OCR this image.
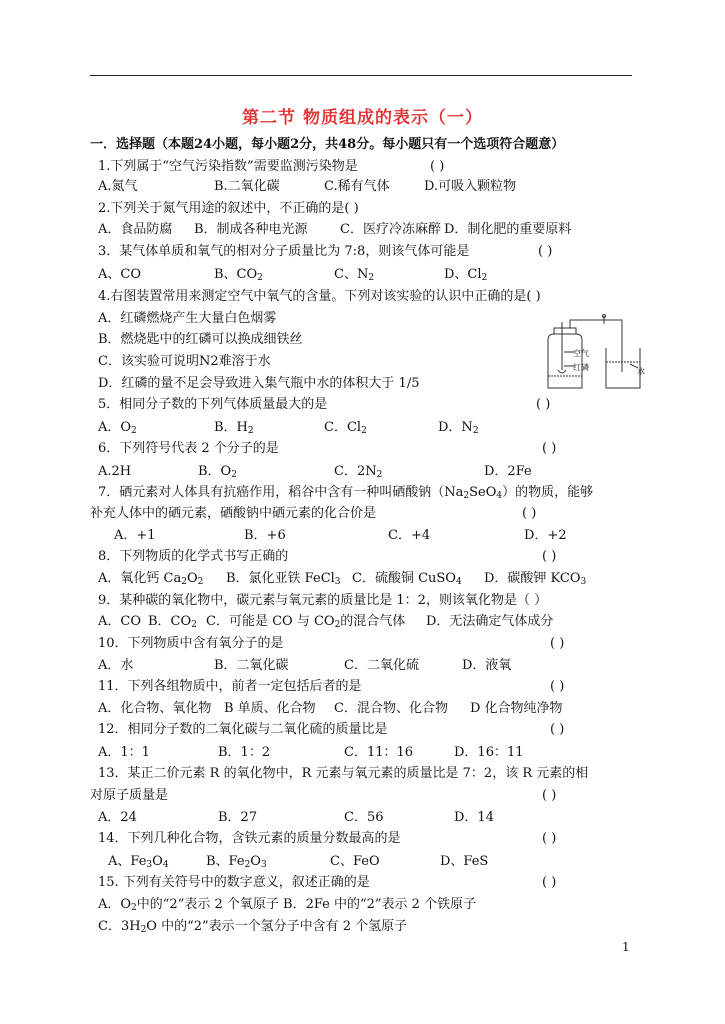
第二节 物质组成的表示（一）
一．选择题（本题24小题，每小题2分，共48分。每小题只有一个选项符合题意）
1.下列属于“空气污染指数”需要监测污染物是	( )
A.氮气	B.二氧化碳	C.稀有气体	D.可吸入颗粒物
2.下列关于氮气用途的叙述中，不正确的是( )
A．食品防腐 B．制成各种电光源 C．医疗冷冻麻醉 D．制化肥的重要原料
3．某气体单质和氧气的相对分子质量比为 7:8，则该气体可能是	( )
A、CO	B、$CO_2$	C、$N_2$	D、$Cl_2$
4.右图装置常用来测定空气中氧气的含量。下列对该实验的认识中正确的是( )
A．红磷燃烧产生大量白色烟雾
B．燃烧匙中的红磷可以换成细铁丝
C．该实验可说明N2难溶于水
D．红磷的量不足会导致进入集气瓶中水的体积大于 1/5
空气
红磷	水
5．相同分子数的下列气体质量最大的是	( )
A．$O_2$	B．$H_2$	C．$Cl_2$	D．$N_2$
6．下列符号代表 2 个分子的是	( )
A.2H	B．$O_2$	C．$2N_2$	D．2Fe
7．硒元素对人体具有抗癌作用，稻谷中含有一种叫硒酸钠$(Na_2SeO_4)$的物质，能够
补充人体中的硒元素，硒酸钠中硒元素的化合价是	( )
A．+1	B．+6	C．+4	D．+2
8．下列物质的化学式书写正确的	( )
A．氧化钙 $Ca_2O_2$ B．氯化亚铁 FeCl$_3$ C．硫酸铜 CuSO$_4$ D．碳酸钾 $KCO_3$
9．某种碳的氧化物中，碳元素与氧元素的质量比是 1：2，则该氧化物是（ ）
A．CO B．$CO_2$ C．可能是 CO 与 $CO_2$的混合气体 D．无法确定气体成分
10．下列物质中含有氧分子的是	( )
A．水	B．二氧化碳	C．二氧化硫	D．液氧
11．下列各组物质中，前者一定包括后者的是	( )
A．化合物、氧化物 B 单质、化合物 C．混合物、化合物 D 化合物纯净物
12．相同分子数的二氧化碳与二氧化硫的质量比是	( )
A．1：1	B．1：2	C．11：16	D．16：11
13．某正二价元素 R 的氧化物中，R 元素与氧元素的质量比是 7：2，该 R 元素的相
对原子质量是	( )
A．24	B．27	C．56	D．14
14．下列几种化合物，含铁元素的质量分数最高的是	( )
A、$Fe_3O_4$	B、$Fe_2O_3$	C、FeO	D、FeS
15. 下列有关符号中的数字意义，叙述正确的是	( )
A．$O_2$中的“2”表示 2 个氧原子 B．2Fe 中的“2”表示 2 个铁原子
C．$3H_2O$ 中的“2”表示一个氢分子中含有 2 个氢原子
1
